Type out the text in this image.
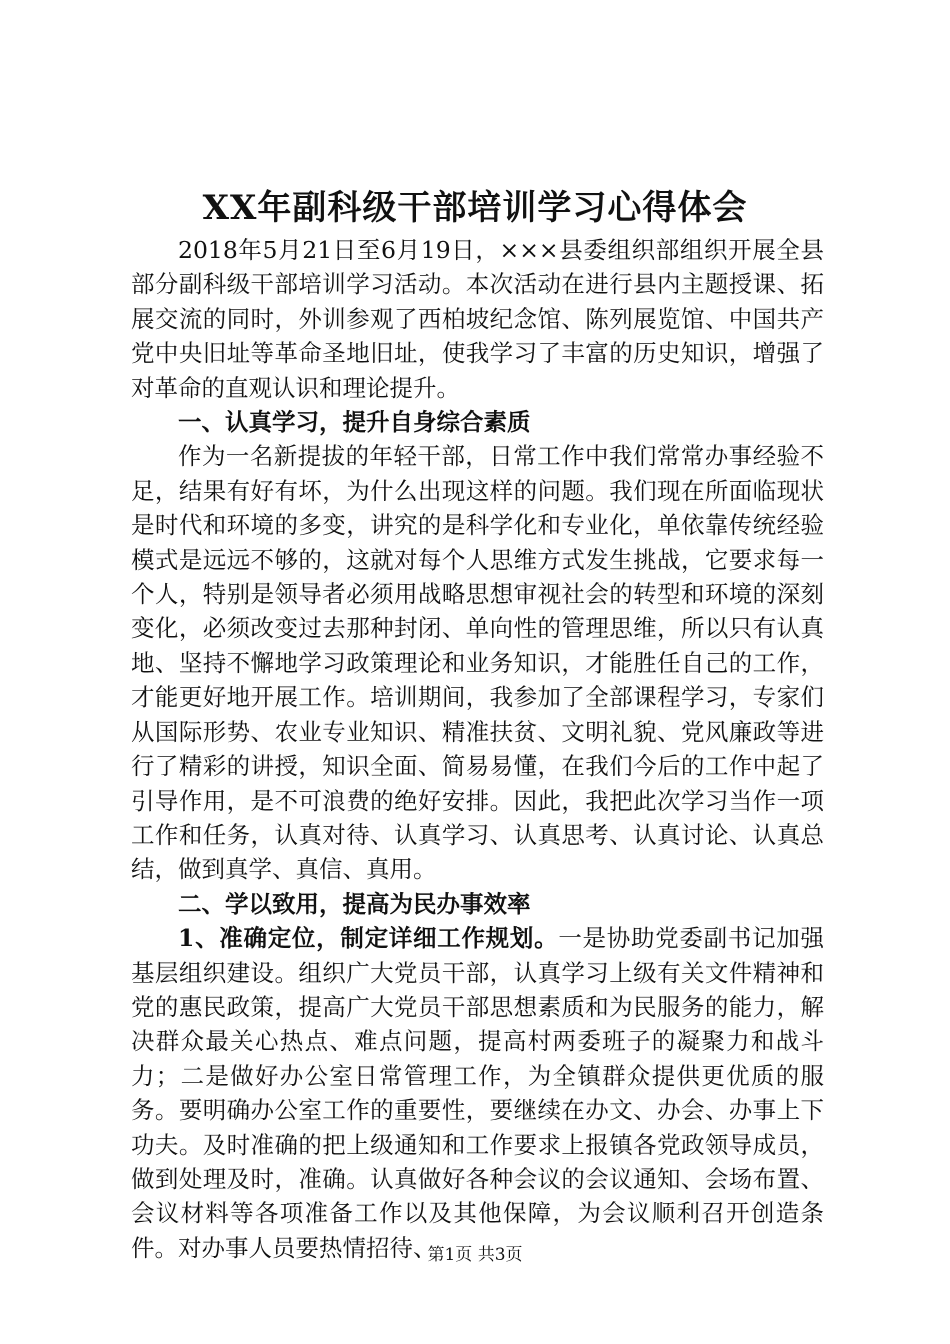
XX年副科级干部培训学习心得体会

2018年5月21日至6月19日，×××县委组织部组织开展全县部分副科级干部培训学习活动。本次活动在进行县内主题授课、拓展交流的同时，外训参观了西柏坡纪念馆、陈列展览馆、中国共产党中央旧址等革命圣地旧址，使我学习了丰富的历史知识，增强了对革命的直观认识和理论提升。

一、认真学习，提升自身综合素质

作为一名新提拔的年轻干部，日常工作中我们常常办事经验不足，结果有好有坏，为什么出现这样的问题。我们现在所面临现状是时代和环境的多变，讲究的是科学化和专业化，单依靠传统经验模式是远远不够的，这就对每个人思维方式发生挑战，它要求每一个人，特别是领导者必须用战略思想审视社会的转型和环境的深刻变化，必须改变过去那种封闭、单向性的管理思维，所以只有认真地、坚持不懈地学习政策理论和业务知识，才能胜任自己的工作，才能更好地开展工作。培训期间，我参加了全部课程学习，专家们从国际形势、农业专业知识、精准扶贫、文明礼貌、党风廉政等进行了精彩的讲授，知识全面、简易易懂，在我们今后的工作中起了引导作用，是不可浪费的绝好安排。因此，我把此次学习当作一项工作和任务，认真对待、认真学习、认真思考、认真讨论、认真总结，做到真学、真信、真用。

二、学以致用，提高为民办事效率

1、准确定位，制定详细工作规划。一是协助党委副书记加强基层组织建设。组织广大党员干部，认真学习上级有关文件精神和党的惠民政策，提高广大党员干部思想素质和为民服务的能力，解决群众最关心热点、难点问题，提高村两委班子的凝聚力和战斗力；二是做好办公室日常管理工作，为全镇群众提供更优质的服务。要明确办公室工作的重要性，要继续在办文、办会、办事上下功夫。及时准确的把上级通知和工作要求上报镇各党政领导成员，做到处理及时，准确。认真做好各种会议的会议通知、会场布置、会议材料等各项准备工作以及其他保障，为会议顺利召开创造条件。对办事人员要热情招待、

第1页 共3页
